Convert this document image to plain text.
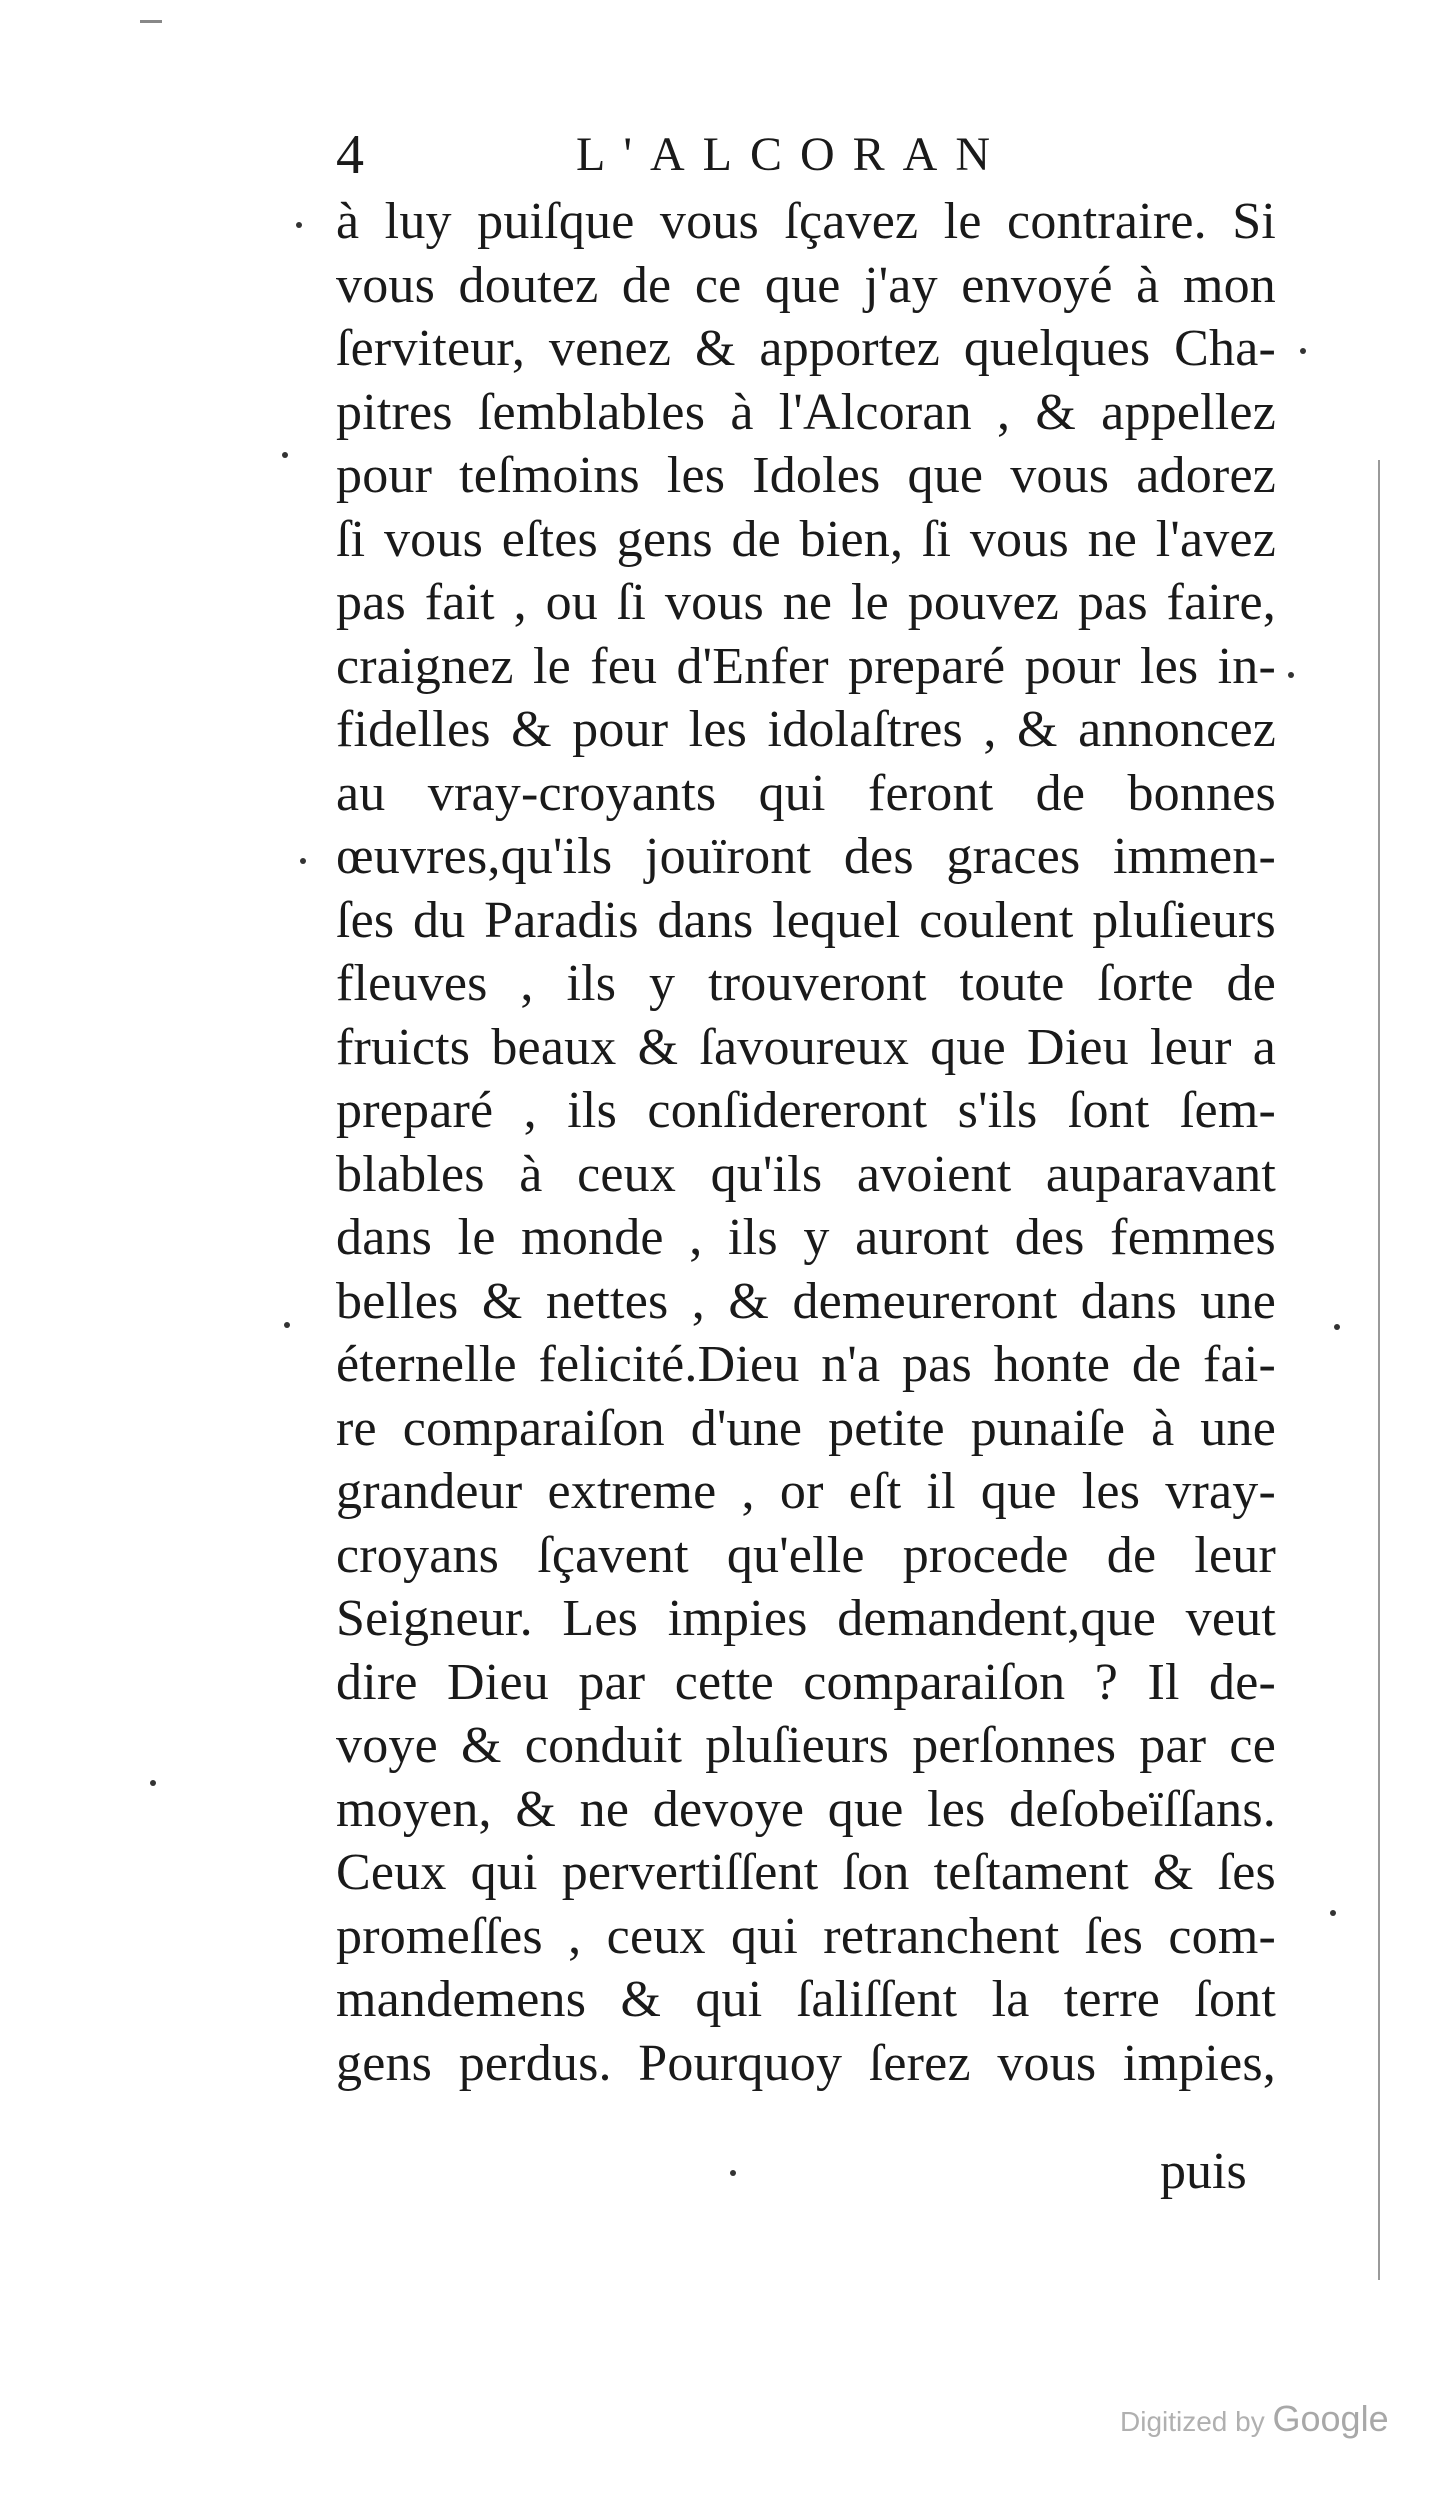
4	L'ALCORAN
à luy puiſque vous ſçavez le contraire. Si
vous doutez de ce que j'ay envoyé à mon
ſerviteur, venez & apportez quelques Cha-
pitres ſemblables à l'Alcoran , & appellez
pour teſmoins les Idoles que vous adorez
ſi vous eſtes gens de bien, ſi vous ne l'avez
pas fait , ou ſi vous ne le pouvez pas faire,
craignez le feu d'Enfer preparé pour les in-
fidelles & pour les idolaſtres , & annoncez
au vray-croyants qui feront de bonnes
œuvres,qu'ils jouïront des graces immen-
ſes du Paradis dans lequel coulent pluſieurs
fleuves , ils y trouveront toute ſorte de
fruicts beaux & ſavoureux que Dieu leur a
preparé , ils conſidereront s'ils ſont ſem-
blables à ceux qu'ils avoient auparavant
dans le monde , ils y auront des femmes
belles & nettes , & demeureront dans une
éternelle felicité.Dieu n'a pas honte de fai-
re comparaiſon d'une petite punaiſe à une
grandeur extreme , or eſt il que les vray-
croyans ſçavent qu'elle procede de leur
Seigneur. Les impies demandent,que veut
dire Dieu par cette comparaiſon ? Il de-
voye & conduit pluſieurs perſonnes par ce
moyen, & ne devoye que les deſobeïſſans.
Ceux qui pervertiſſent ſon teſtament & ſes
promeſſes , ceux qui retranchent ſes com-
mandemens & qui ſaliſſent la terre ſont
gens perdus. Pourquoy ſerez vous impies,
puis
Digitized by Google
